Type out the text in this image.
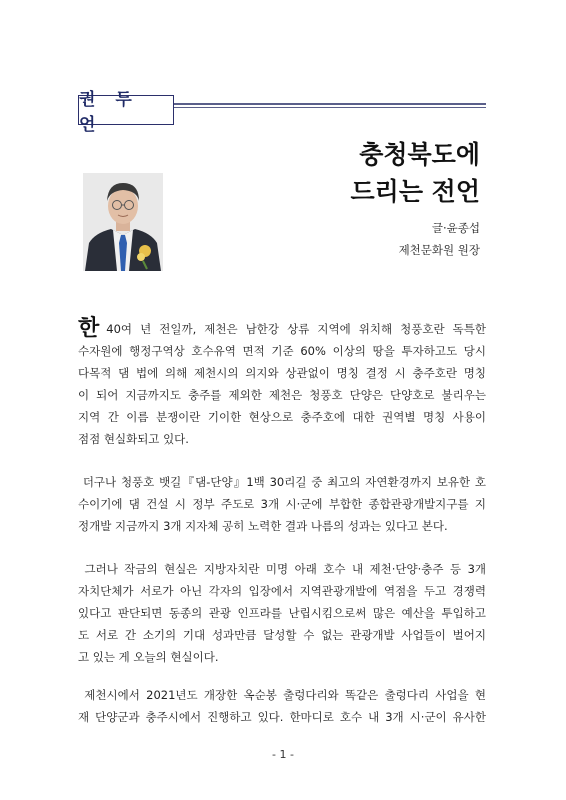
권 두 언
충청북도에
드리는 전언
글·윤종섭
제천문화원 원장
한 40여 년 전일까, 제천은 남한강 상류 지역에 위치해 청풍호란 독특한
수자원에 행정구역상 호수유역 면적 기준 60% 이상의 땅을 투자하고도 당시
다목적 댐 법에 의해 제천시의 의지와 상관없이 명칭 결정 시 충주호란 명칭
이 되어 지금까지도 충주를 제외한 제천은 청풍호 단양은 단양호로 불리우는
지역 간 이름 분쟁이란 기이한 현상으로 충주호에 대한 권역별 명칭 사용이
점점 현실화되고 있다.
더구나 청풍호 뱃길『댐-단양』1백 30리길 중 최고의 자연환경까지 보유한 호
수이기에 댐 건설 시 정부 주도로 3개 시·군에 부합한 종합관광개발지구를 지
정개발 지금까지 3개 지자체 공히 노력한 결과 나름의 성과는 있다고 본다.
그러나 작금의 현실은 지방자치란 미명 아래 호수 내 제천·단양·충주 등 3개
자치단체가 서로가 아닌 각자의 입장에서 지역관광개발에 역점을 두고 경쟁력
있다고 판단되면 동종의 관광 인프라를 난립시킴으로써 많은 예산을 투입하고
도 서로 간 소기의 기대 성과만큼 달성할 수 없는 관광개발 사업들이 벌어지
고 있는 게 오늘의 현실이다.
제천시에서 2021년도 개장한 옥순봉 출렁다리와 똑같은 출렁다리 사업을 현
재 단양군과 충주시에서 진행하고 있다. 한마디로 호수 내 3개 시·군이 유사한
- 1 -
